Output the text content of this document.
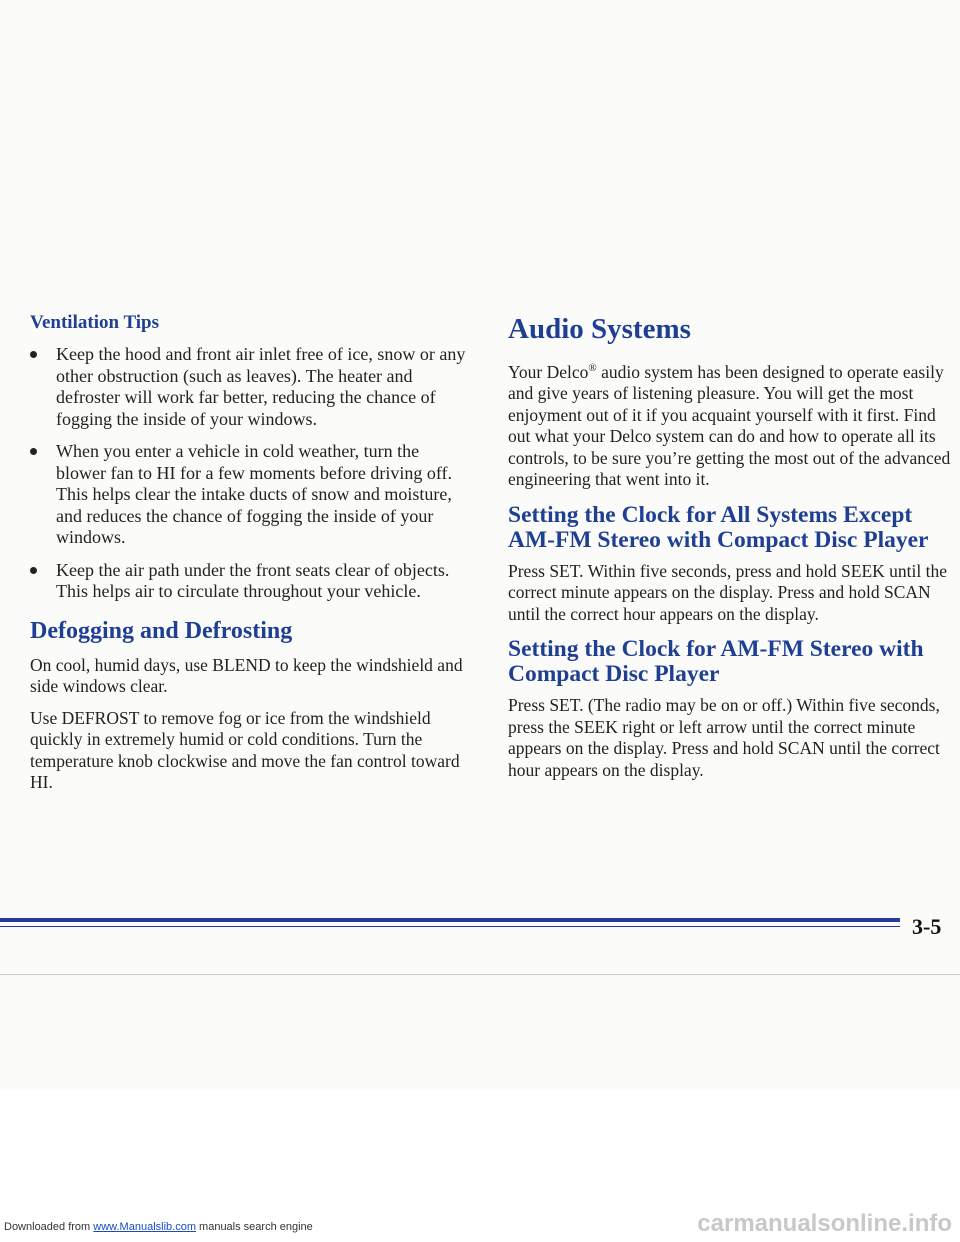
Ventilation Tips
Keep the hood and front air inlet free of ice, snow or any other obstruction (such as leaves). The heater and defroster will work far better, reducing the chance of fogging the inside of your windows.
When you enter a vehicle in cold weather, turn the blower fan to HI for a few moments before driving off. This helps clear the intake ducts of snow and moisture, and reduces the chance of fogging the inside of your windows.
Keep the air path under the front seats clear of objects. This helps air to circulate throughout your vehicle.
Defogging and Defrosting

On cool, humid days, use BLEND to keep the windshield and side windows clear.

Use DEFROST to remove fog or ice from the windshield quickly in extremely humid or cold conditions. Turn the temperature knob clockwise and move the fan control toward HI.

Audio Systems

Your Delco® audio system has been designed to operate easily and give years of listening pleasure. You will get the most enjoyment out of it if you acquaint yourself with it first. Find out what your Delco system can do and how to operate all its controls, to be sure you’re getting the most out of the advanced engineering that went into it.

Setting the Clock for All Systems Except AM-FM Stereo with Compact Disc Player

Press SET. Within five seconds, press and hold SEEK until the correct minute appears on the display. Press and hold SCAN until the correct hour appears on the display.

Setting the Clock for AM-FM Stereo with Compact Disc Player

Press SET. (The radio may be on or off.) Within five seconds, press the SEEK right or left arrow until the correct minute appears on the display. Press and hold SCAN until the correct hour appears on the display.

3-5
Downloaded from www.Manualslib.com manuals search engine	carmanualsonline.info
